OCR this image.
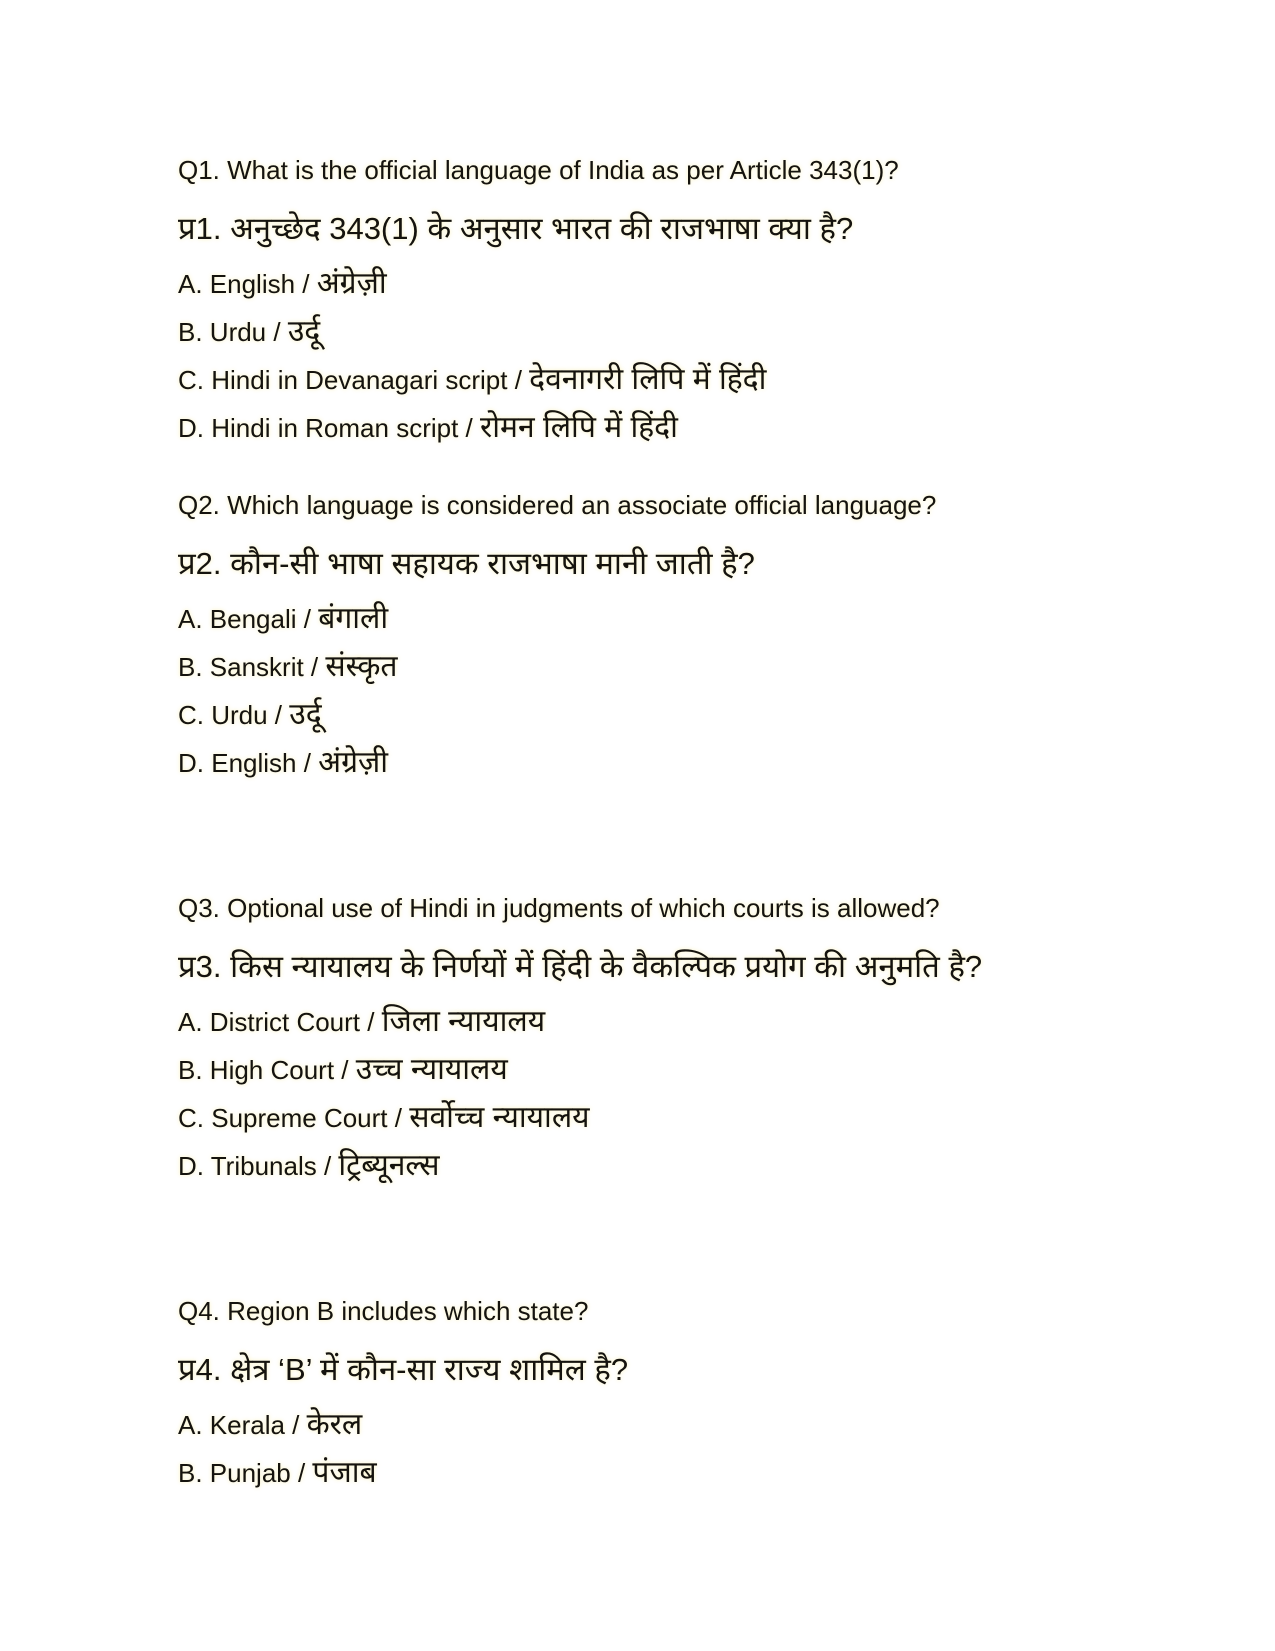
Q1. What is the official language of India as per Article 343(1)?
प्र1. अनुच्छेद 343(1) के अनुसार भारत की राजभाषा क्या है?
A. English / अंग्रेज़ी
B. Urdu / उर्दू
C. Hindi in Devanagari script / देवनागरी लिपि में हिंदी
D. Hindi in Roman script / रोमन लिपि में हिंदी
Q2. Which language is considered an associate official language?
प्र2. कौन-सी भाषा सहायक राजभाषा मानी जाती है?
A. Bengali / बंगाली
B. Sanskrit / संस्कृत
C. Urdu / उर्दू
D. English / अंग्रेज़ी
Q3. Optional use of Hindi in judgments of which courts is allowed?
प्र3. किस न्यायालय के निर्णयों में हिंदी के वैकल्पिक प्रयोग की अनुमति है?
A. District Court / जिला न्यायालय
B. High Court / उच्च न्यायालय
C. Supreme Court / सर्वोच्च न्यायालय
D. Tribunals / ट्रिब्यूनल्स
Q4. Region B includes which state?
प्र4. क्षेत्र ‘B’ में कौन-सा राज्य शामिल है?
A. Kerala / केरल
B. Punjab / पंजाब
